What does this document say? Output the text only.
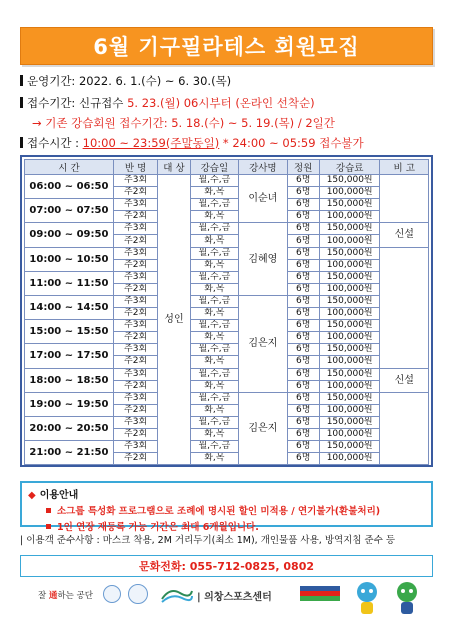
6월 기구필라테스 회원모집
운영기간: 2022. 6. 1.(수) ~ 6. 30.(목)
접수기간: 신규접수 5. 23.(월) 06시부터 (온라인 선착순)
→ 기존 강습회원 접수기간: 5. 18.(수) ~ 5. 19.(목) / 2일간
접수시간 : 10:00 ~ 23:59(주말동일) * 24:00 ~ 05:59 접수불가
시 간	반 명	대 상	강습일	강사명	정원	강습료	비 고
06:00 ~ 06:50	주3회	성인	월,수,금	이순녀	6명	150,000원	
	주2회		화,목		6명	100,000원	
07:00 ~ 07:50	주3회		월,수,금		6명	150,000원	
	주2회		화,목		6명	100,000원	
09:00 ~ 09:50	주3회		월,수,금	김혜영	6명	150,000원	신설
	주2회		화,목		6명	100,000원	
10:00 ~ 10:50	주3회		월,수,금		6명	150,000원	
	주2회		화,목		6명	100,000원	
11:00 ~ 11:50	주3회		월,수,금		6명	150,000원	
	주2회		화,목		6명	100,000원	
14:00 ~ 14:50	주3회		월,수,금	김은지	6명	150,000원	
	주2회		화,목		6명	100,000원	
15:00 ~ 15:50	주3회		월,수,금		6명	150,000원	
	주2회		화,목		6명	100,000원	
17:00 ~ 17:50	주3회		월,수,금		6명	150,000원	
	주2회		화,목		6명	100,000원	
18:00 ~ 18:50	주3회		월,수,금		6명	150,000원	신설
	주2회		화,목		6명	100,000원	
19:00 ~ 19:50	주3회		월,수,금	김은지	6명	150,000원	
	주2회		화,목		6명	100,000원	
20:00 ~ 20:50	주3회		월,수,금		6명	150,000원	
	주2회		화,목		6명	100,000원	
21:00 ~ 21:50	주3회		월,수,금		6명	150,000원	
	주2회		화,목		6명	100,000원	
◆ 이용안내
소그룹 특성화 프로그램으로 조례에 명시된 할인 미적용 / 연기불가(환불처리)
1인 연장 재등록 가능 기간은 최대 6개월입니다.
| 이용객 준수사항 : 마스크 착용, 2M 거리두기(최소 1M), 개인물품 사용, 방역지침 준수 등
문화전화: 055-712-0825, 0802
잘 通하는 공단	| 의창스포츠센터
